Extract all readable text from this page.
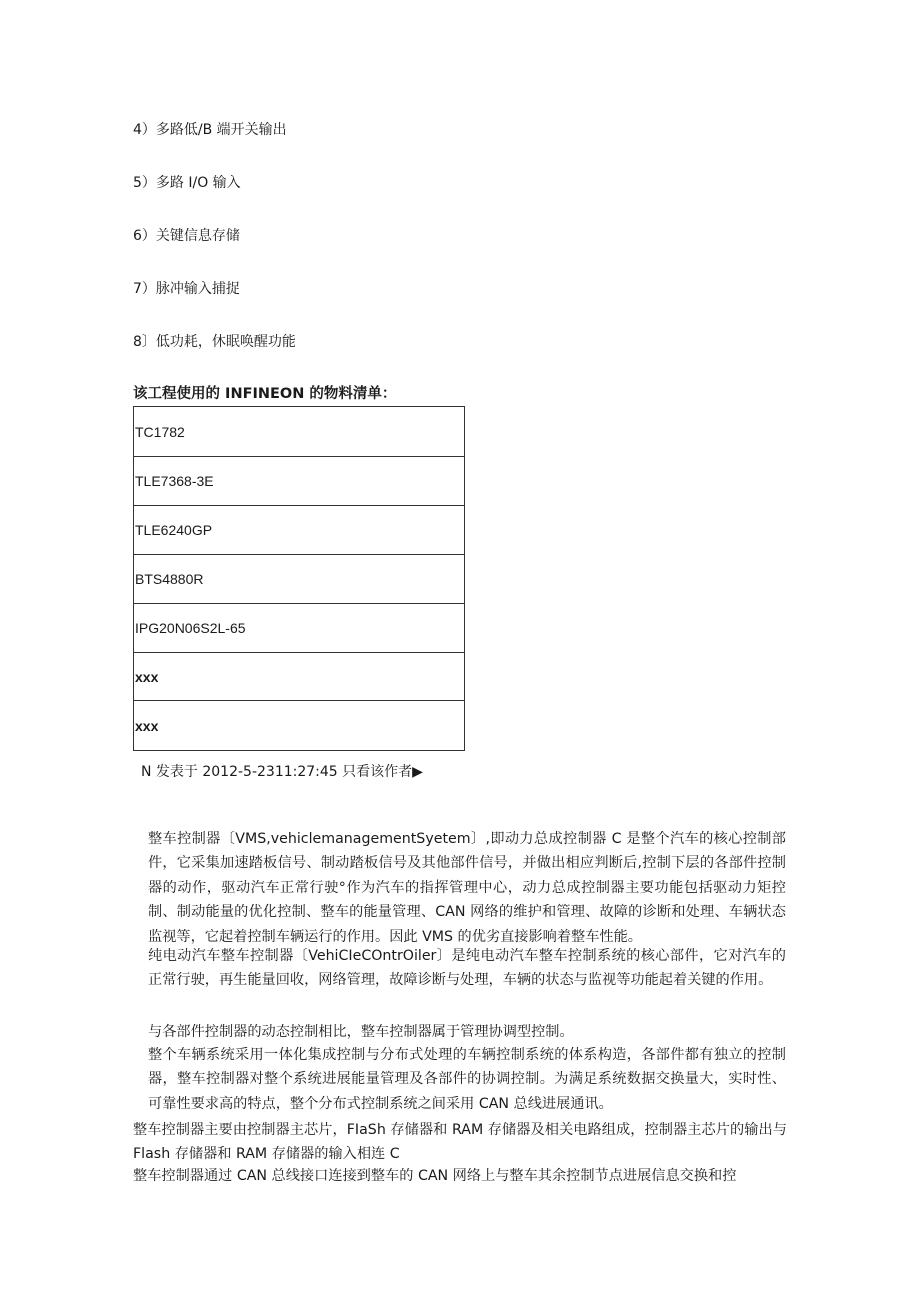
4）多路低/B 端开关输出
5）多路 I/O 输入
6）关键信息存储
7）脉冲输入捕捉
8〕低功耗，休眠唤醒功能
该工程使用的 INFINEON 的物料清单：
TC1782
TLE7368-3E
TLE6240GP
BTS4880R
IPG20N06S2L-65
xxx
xxx
N 发表于 2012-5-2311:27:45 只看该作者▶

整车控制器〔VMS,vehiclemanagementSyetem〕,即动力总成控制器 C 是整个汽车的核心控制部件，它采集加速踏板信号、制动踏板信号及其他部件信号，并做出相应判断后,控制下层的各部件控制器的动作，驱动汽车正常行驶°作为汽车的指挥管理中心，动力总成控制器主要功能包括驱动力矩控制、制动能量的优化控制、整车的能量管理、CAN 网络的维护和管理、故障的诊断和处理、车辆状态监视等，它起着控制车辆运行的作用。因此 VMS 的优劣直接影响着整车性能。

纯电动汽车整车控制器〔VehiCIeCOntrOiler〕是纯电动汽车整车控制系统的核心部件，它对汽车的正常行驶，再生能量回收，网络管理，故障诊断与处理，车辆的状态与监视等功能起着关键的作用。

与各部件控制器的动态控制相比，整车控制器属于管理协调型控制。

整个车辆系统采用一体化集成控制与分布式处理的车辆控制系统的体系构造，各部件都有独立的控制器，整车控制器对整个系统进展能量管理及各部件的协调控制。为满足系统数据交换量大，实时性、可靠性要求高的特点，整个分布式控制系统之间采用 CAN 总线进展通讯。

整车控制器主要由控制器主芯片，FIaSh 存储器和 RAM 存储器及相关电路组成，控制器主芯片的输出与 Flash 存储器和 RAM 存储器的输入相连 C

整车控制器通过 CAN 总线接口连接到整车的 CAN 网络上与整车其余控制节点进展信息交换和控
